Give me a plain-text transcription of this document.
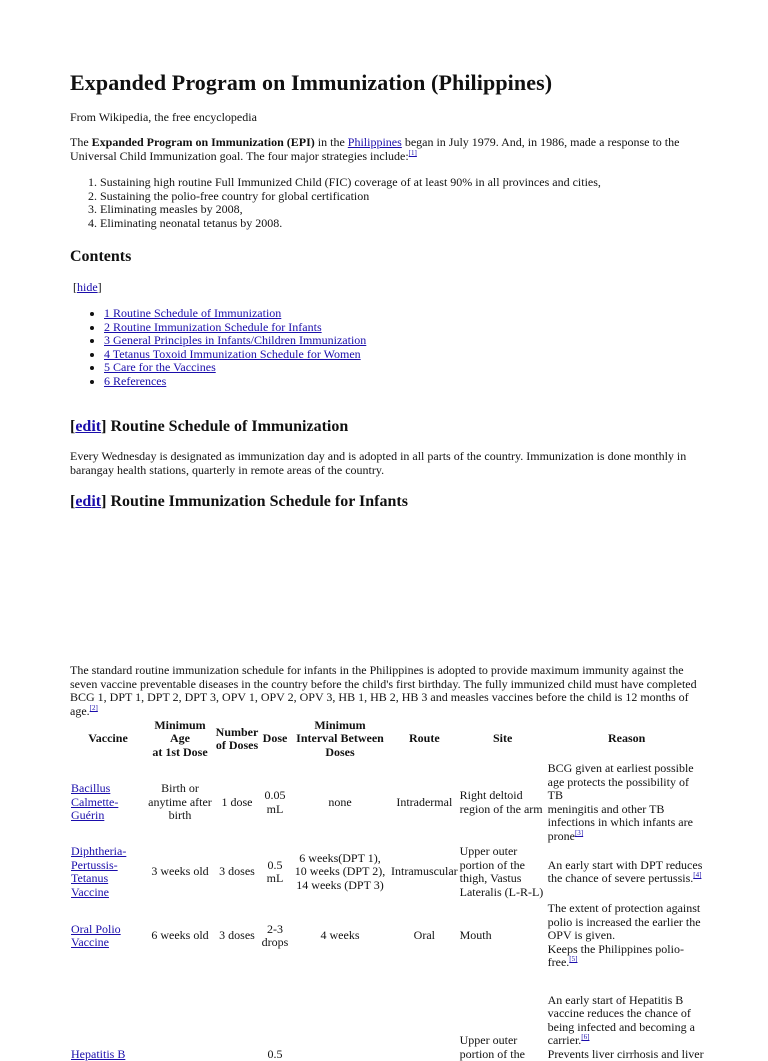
Expanded Program on Immunization (Philippines)
From Wikipedia, the free encyclopedia
The Expanded Program on Immunization (EPI) in the Philippines began in July 1979. And, in 1986, made a response to the Universal Child Immunization goal. The four major strategies include:[1]
1. Sustaining high routine Full Immunized Child (FIC) coverage of at least 90% in all provinces and cities,
2. Sustaining the polio-free country for global certification
3. Eliminating measles by 2008,
4. Eliminating neonatal tetanus by 2008.
Contents
[hide]
• 1 Routine Schedule of Immunization
• 2 Routine Immunization Schedule for Infants
• 3 General Principles in Infants/Children Immunization
• 4 Tetanus Toxoid Immunization Schedule for Women
• 5 Care for the Vaccines
• 6 References
[edit] Routine Schedule of Immunization
Every Wednesday is designated as immunization day and is adopted in all parts of the country. Immunization is done monthly in barangay health stations, quarterly in remote areas of the country.
[edit] Routine Immunization Schedule for Infants
The standard routine immunization schedule for infants in the Philippines is adopted to provide maximum immunity against the seven vaccine preventable diseases in the country before the child's first birthday. The fully immunized child must have completed BCG 1, DPT 1, DPT 2, DPT 3, OPV 1, OPV 2, OPV 3, HB 1, HB 2, HB 3 and measles vaccines before the child is 12 months of age.[2]
Vaccine	Minimum
Age
at 1st Dose	Number
of Doses	Dose	Minimum
Interval Between
Doses	Route	Site	Reason
Bacillus
Calmette-
Guérin	Birth or
anytime after
birth	1 dose	0.05
mL	none	Intradermal	Right deltoid
region of the arm	BCG given at earliest possible
age protects the possibility of TB
meningitis and other TB
infections in which infants are
prone[3]
Diphtheria-
Pertussis-
Tetanus
Vaccine	3 weeks old	3 doses	0.5
mL	6 weeks(DPT 1),
10 weeks (DPT 2),
14 weeks (DPT 3)	Intramuscular	Upper outer
portion of the
thigh, Vastus
Lateralis (L-R-L)	An early start with DPT reduces
the chance of severe pertussis.[4]
Oral Polio
Vaccine	6 weeks old	3 doses	2-3
drops	4 weeks	Oral	Mouth	The extent of protection against
polio is increased the earlier the
OPV is given.
Keeps the Philippines polio-
free.[5]
Hepatitis B			0.5			Upper outer
portion of the	An early start of Hepatitis B
vaccine reduces the chance of
being infected and becoming a
carrier.[6]
Prevents liver cirrhosis and liver
